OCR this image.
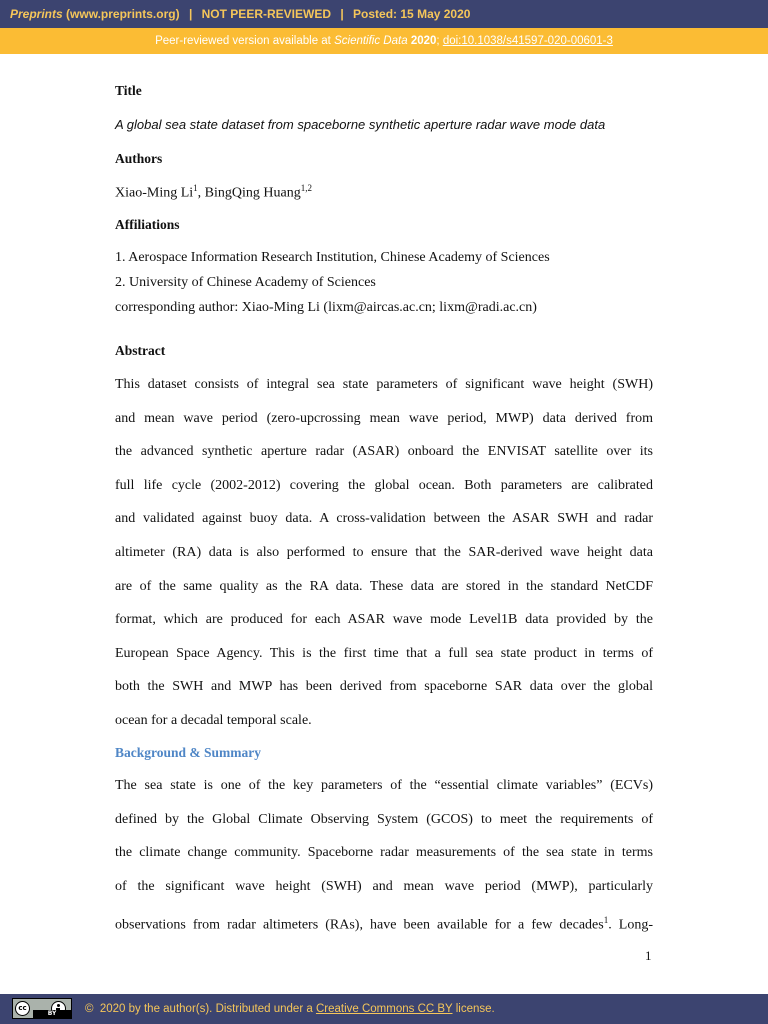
Preprints (www.preprints.org) | NOT PEER-REVIEWED | Posted: 15 May 2020
Peer-reviewed version available at Scientific Data 2020; doi:10.1038/s41597-020-00601-3
Title
A global sea state dataset from spaceborne synthetic aperture radar wave mode data
Authors
Xiao-Ming Li$^1$, BingQing Huang$^{1,2}$
Affiliations
1. Aerospace Information Research Institution, Chinese Academy of Sciences
2. University of Chinese Academy of Sciences
corresponding author: Xiao-Ming Li (lixm@aircas.ac.cn; lixm@radi.ac.cn)
Abstract
This dataset consists of integral sea state parameters of significant wave height (SWH)
and mean wave period (zero-upcrossing mean wave period, MWP) data derived from
the advanced synthetic aperture radar (ASAR) onboard the ENVISAT satellite over its
full life cycle (2002-2012) covering the global ocean. Both parameters are calibrated
and validated against buoy data. A cross-validation between the ASAR SWH and radar
altimeter (RA) data is also performed to ensure that the SAR-derived wave height data
are of the same quality as the RA data. These data are stored in the standard NetCDF
format, which are produced for each ASAR wave mode Level1B data provided by the
European Space Agency. This is the first time that a full sea state product in terms of
both the SWH and MWP has been derived from spaceborne SAR data over the global
ocean for a decadal temporal scale.
Background & Summary
The sea state is one of the key parameters of the “essential climate variables” (ECVs)
defined by the Global Climate Observing System (GCOS) to meet the requirements of
the climate change community. Spaceborne radar measurements of the sea state in terms
of the significant wave height (SWH) and mean wave period (MWP), particularly
observations from radar altimeters (RAs), have been available for a few decades$^1$. Long-
1
cc
BY	©  2020 by the author(s). Distributed under a Creative Commons CC BY license.
